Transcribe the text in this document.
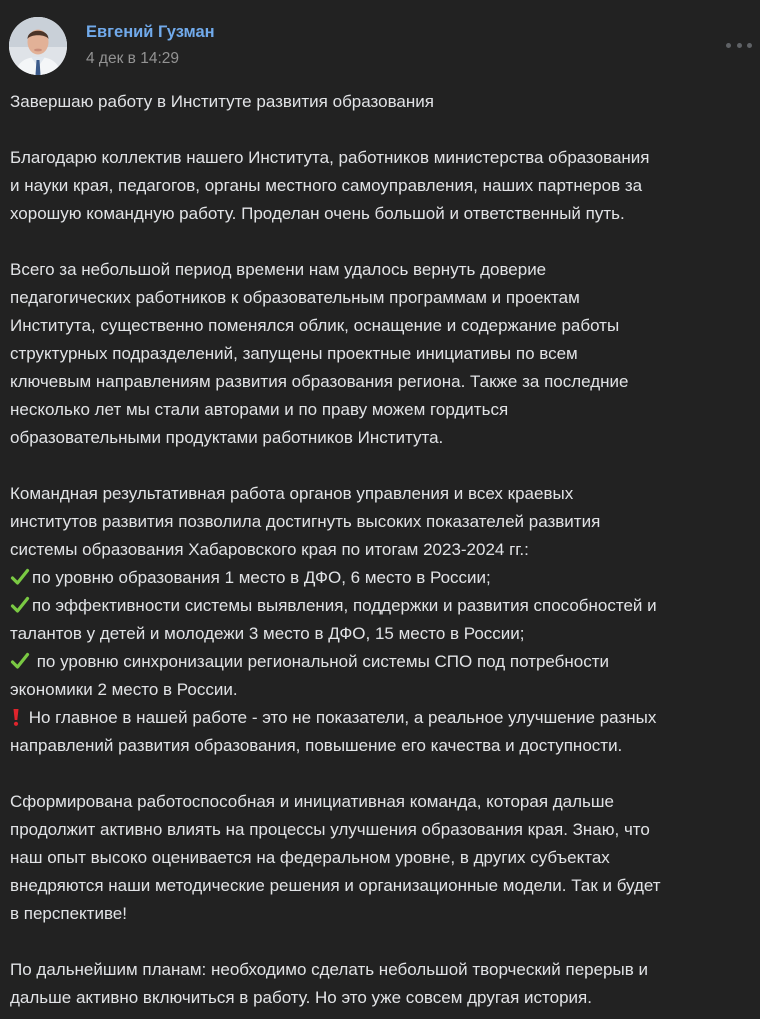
Евгений Гузман
4 дек в 14:29

Завершаю работу в Институте развития образования

Благодарю коллектив нашего Института, работников министерства образования

и науки края, педагогов, органы местного самоуправления, наших партнеров за

хорошую командную работу. Проделан очень большой и ответственный путь.

Всего за небольшой период времени нам удалось вернуть доверие

педагогических работников к образовательным программам и проектам

Института, существенно поменялся облик, оснащение и содержание работы

структурных подразделений, запущены проектные инициативы по всем

ключевым направлениям развития образования региона. Также за последние

несколько лет мы стали авторами и по праву можем гордиться

образовательными продуктами работников Института.

Командная результативная работа органов управления и всех краевых

институтов развития позволила достигнуть высоких показателей развития

системы образования Хабаровского края по итогам 2023-2024 гг.:

по уровню образования 1 место в ДФО, 6 место в России;

по эффективности системы выявления, поддержки и развития способностей и

талантов у детей и молодежи 3 место в ДФО, 15 место в России;

по уровню синхронизации региональной системы СПО под потребности

экономики 2 место в России.

Но главное в нашей работе - это не показатели, а реальное улучшение разных

направлений развития образования, повышение его качества и доступности.

Сформирована работоспособная и инициативная команда, которая дальше

продолжит активно влиять на процессы улучшения образования края. Знаю, что

наш опыт высоко оценивается на федеральном уровне, в других субъектах

внедряются наши методические решения и организационные модели. Так и будет

в перспективе!

По дальнейшим планам: необходимо сделать небольшой творческий перерыв и

дальше активно включиться в работу. Но это уже совсем другая история.
